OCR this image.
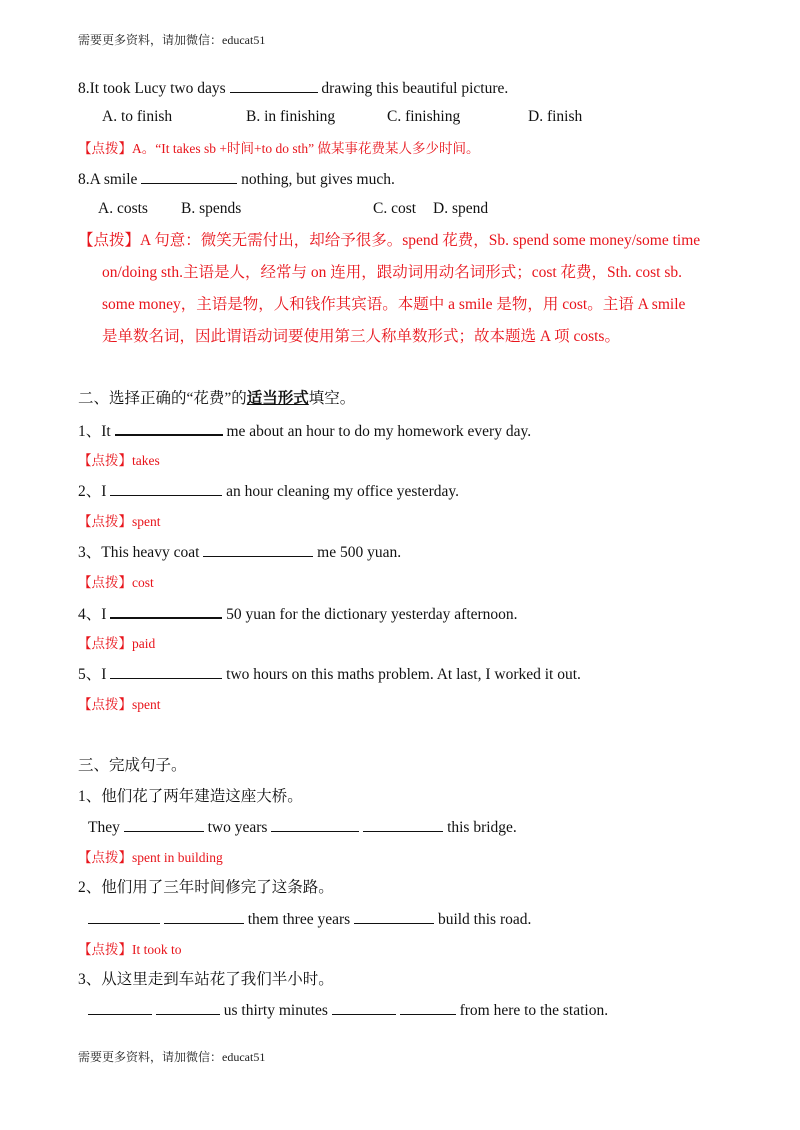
需要更多资料，请加微信：educat51
8.It took Lucy two days	drawing this beautiful picture.
A. to finish	B. in finishing	C. finishing	D. finish
【点拨】A。“It takes sb +时间+to do sth” 做某事花费某人多少时间。
8.A smile	nothing, but gives much.
A. costs B. spends	C. cost D. spend
【点拨】A 句意：微笑无需付出，却给予很多。spend 花费，Sb. spend some money/some time
on/doing sth.主语是人，经常与 on 连用，跟动词用动名词形式；cost 花费，Sth. cost sb.
some money，主语是物，人和钱作其宾语。本题中 a smile 是物，用 cost。主语 A smile
是单数名词，因此谓语动词要使用第三人称单数形式；故本题选 A 项 costs。
二、选择正确的“花费”的适当形式填空。
1、It	me about an hour to do my homework every day.
【点拨】takes
2、I	an hour cleaning my office yesterday.
【点拨】spent
3、This heavy coat	me 500 yuan.
【点拨】cost
4、I	50 yuan for the dictionary yesterday afternoon.
【点拨】paid
5、I	two hours on this maths problem. At last, I worked it out.
【点拨】spent
三、完成句子。
1、他们花了两年建造这座大桥。
They	two years	this bridge.
【点拨】spent in building
2、他们用了三年时间修完了这条路。
them three years	build this road.
【点拨】It took to
3、从这里走到车站花了我们半小时。
us thirty minutes	from here to the station.
需要更多资料，请加微信：educat51
